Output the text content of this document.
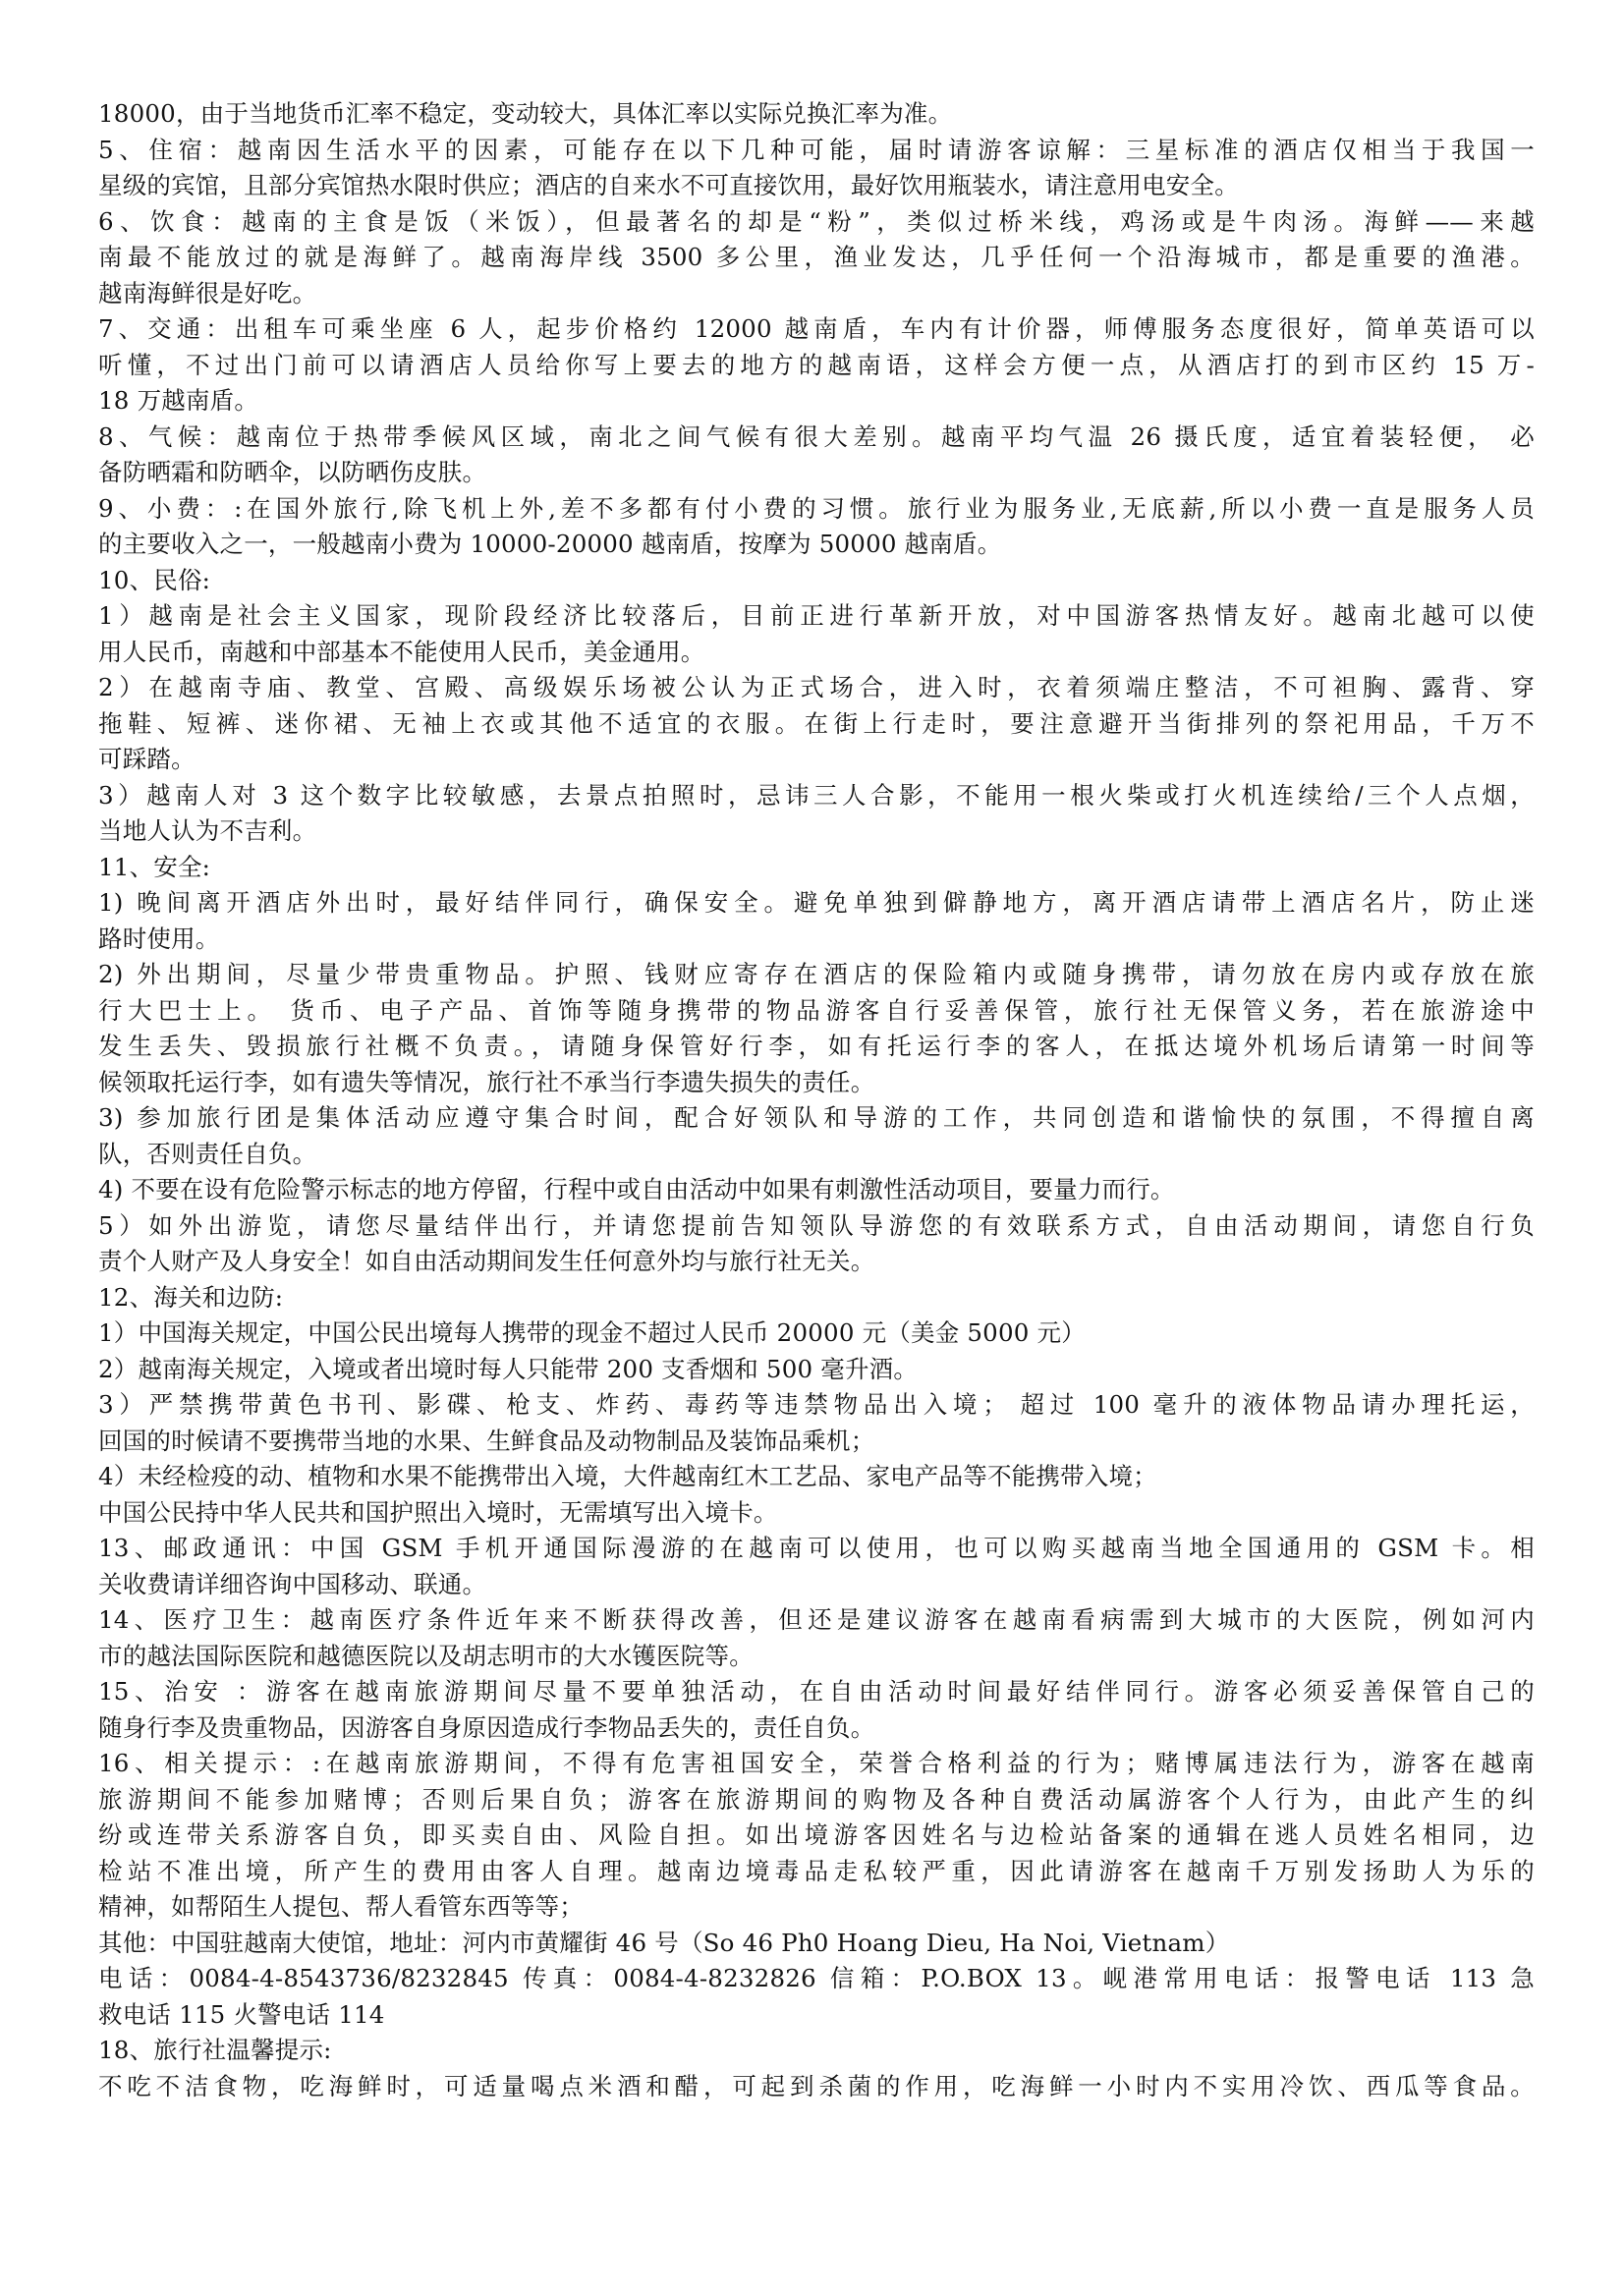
18000，由于当地货币汇率不稳定，变动较大，具体汇率以实际兑换汇率为准。
5、住宿：越南因生活水平的因素，可能存在以下几种可能，届时请游客谅解：三星标准的酒店仅相当于我国一
星级的宾馆，且部分宾馆热水限时供应；酒店的自来水不可直接饮用，最好饮用瓶装水，请注意用电安全。
6、饮食：越南的主食是饭（米饭），但最著名的却是“粉”，类似过桥米线，鸡汤或是牛肉汤。海鲜——来越
南最不能放过的就是海鲜了。越南海岸线 3500 多公里，渔业发达，几乎任何一个沿海城市，都是重要的渔港。
越南海鲜很是好吃。
7、交通：出租车可乘坐座 6 人，起步价格约 12000 越南盾，车内有计价器，师傅服务态度很好，简单英语可以
听懂，不过出门前可以请酒店人员给你写上要去的地方的越南语，这样会方便一点，从酒店打的到市区约 15 万-
18 万越南盾。
8、气候：越南位于热带季候风区域，南北之间气候有很大差别。越南平均气温 26 摄氏度，适宜着装轻便， 必
备防晒霜和防晒伞，以防晒伤皮肤。
9、小费：:在国外旅行,除飞机上外,差不多都有付小费的习惯。旅行业为服务业,无底薪,所以小费一直是服务人员
的主要收入之一，一般越南小费为 10000-20000 越南盾，按摩为 50000 越南盾。
10、民俗:
1）越南是社会主义国家，现阶段经济比较落后，目前正进行革新开放，对中国游客热情友好。越南北越可以使
用人民币，南越和中部基本不能使用人民币，美金通用。
2）在越南寺庙、教堂、宫殿、高级娱乐场被公认为正式场合，进入时，衣着须端庄整洁，不可袒胸、露背、穿
拖鞋、短裤、迷你裙、无袖上衣或其他不适宜的衣服。在街上行走时，要注意避开当街排列的祭祀用品，千万不
可踩踏。
3）越南人对 3 这个数字比较敏感，去景点拍照时，忌讳三人合影，不能用一根火柴或打火机连续给/三个人点烟，
当地人认为不吉利。
11、安全:
1) 晚间离开酒店外出时，最好结伴同行，确保安全。避免单独到僻静地方，离开酒店请带上酒店名片，防止迷
路时使用。
2) 外出期间，尽量少带贵重物品。护照、钱财应寄存在酒店的保险箱内或随身携带，请勿放在房内或存放在旅
行大巴士上。 货币、电子产品、首饰等随身携带的物品游客自行妥善保管，旅行社无保管义务，若在旅游途中
发生丢失、毁损旅行社概不负责。，请随身保管好行李，如有托运行李的客人，在抵达境外机场后请第一时间等
候领取托运行李，如有遗失等情况，旅行社不承当行李遗失损失的责任。
3) 参加旅行团是集体活动应遵守集合时间，配合好领队和导游的工作，共同创造和谐愉快的氛围，不得擅自离
队，否则责任自负。
4) 不要在设有危险警示标志的地方停留，行程中或自由活动中如果有刺激性活动项目，要量力而行。
5）如外出游览，请您尽量结伴出行，并请您提前告知领队导游您的有效联系方式，自由活动期间，请您自行负
责个人财产及人身安全！如自由活动期间发生任何意外均与旅行社无关。
12、海关和边防:
1）中国海关规定，中国公民出境每人携带的现金不超过人民币 20000 元（美金 5000 元）
2）越南海关规定，入境或者出境时每人只能带 200 支香烟和 500 毫升酒。
3）严禁携带黄色书刊、影碟、枪支、炸药、毒药等违禁物品出入境； 超过 100 毫升的液体物品请办理托运，
回国的时候请不要携带当地的水果、生鲜食品及动物制品及装饰品乘机；
4）未经检疫的动、植物和水果不能携带出入境，大件越南红木工艺品、家电产品等不能携带入境；
中国公民持中华人民共和国护照出入境时，无需填写出入境卡。
13、邮政通讯：中国 GSM 手机开通国际漫游的在越南可以使用，也可以购买越南当地全国通用的 GSM 卡。相
关收费请详细咨询中国移动、联通。
14、医疗卫生：越南医疗条件近年来不断获得改善，但还是建议游客在越南看病需到大城市的大医院，例如河内
市的越法国际医院和越德医院以及胡志明市的大水镬医院等。
15、治安 ：游客在越南旅游期间尽量不要单独活动，在自由活动时间最好结伴同行。游客必须妥善保管自己的
随身行李及贵重物品，因游客自身原因造成行李物品丢失的，责任自负。
16、相关提示：:在越南旅游期间，不得有危害祖国安全，荣誉合格利益的行为；赌博属违法行为，游客在越南
旅游期间不能参加赌博；否则后果自负；游客在旅游期间的购物及各种自费活动属游客个人行为，由此产生的纠
纷或连带关系游客自负，即买卖自由、风险自担。如出境游客因姓名与边检站备案的通辑在逃人员姓名相同，边
检站不准出境，所产生的费用由客人自理。越南边境毒品走私较严重，因此请游客在越南千万别发扬助人为乐的
精神，如帮陌生人提包、帮人看管东西等等；
其他：中国驻越南大使馆，地址：河内市黄耀街 46 号（So 46 Ph0 Hoang Dieu, Ha Noi, Vietnam）
电话：0084-4-8543736/8232845 传真：0084-4-8232826 信箱：P.O.BOX 13。岘港常用电话：报警电话 113 急
救电话 115 火警电话 114
18、旅行社温馨提示:
不吃不洁食物，吃海鲜时，可适量喝点米酒和醋，可起到杀菌的作用，吃海鲜一小时内不实用冷饮、西瓜等食品。
